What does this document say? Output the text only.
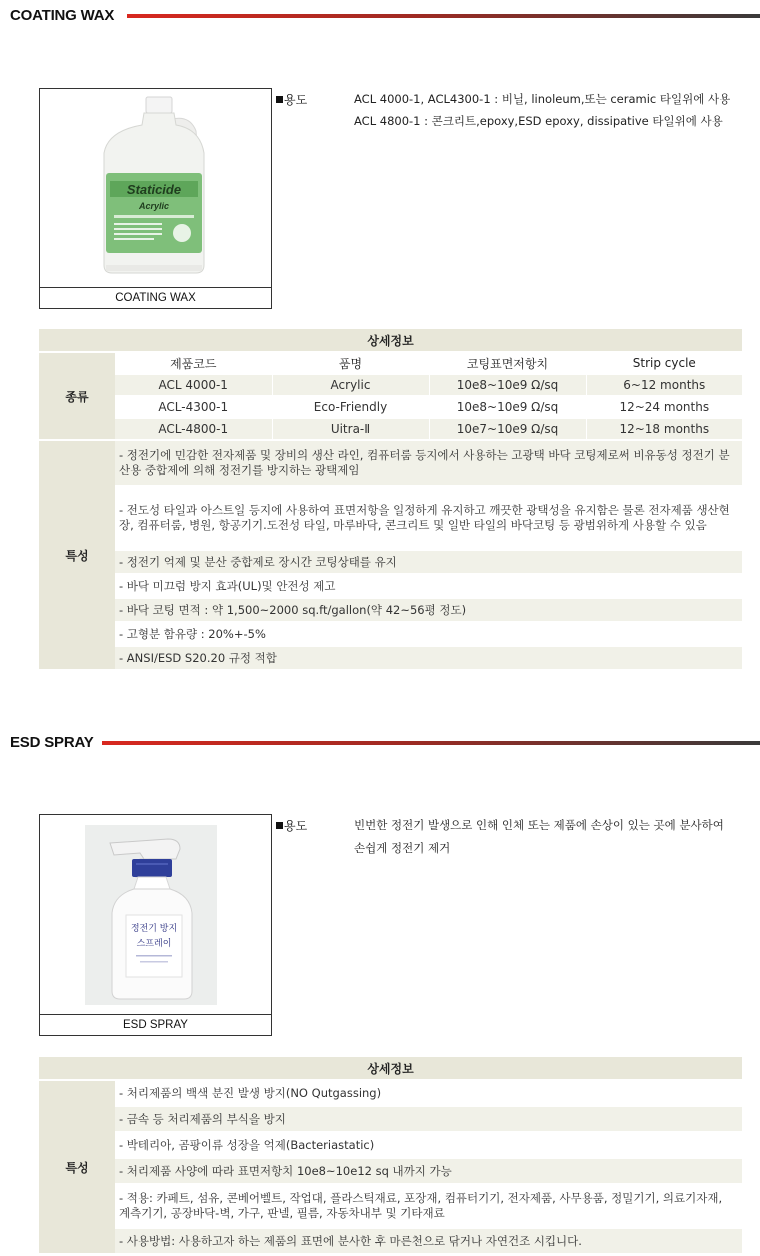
COATING WAX
Staticide
Acrylic
COATING WAX
용도	ACL 4000-1, ACL4300-1 : 비닐, linoleum,또는 ceramic 타일위에 사용
ACL 4800-1 : 콘크리트,epoxy,ESD epoxy, dissipative 타일위에 사용
상세정보				
종류	제품코드	품명	코팅표면저항치	Strip cycle
	ACL 4000-1	Acrylic	10e8~10e9 Ω/sq	6~12 months
	ACL-4300-1	Eco-Friendly	10e8~10e9 Ω/sq	12~24 months
	ACL-4800-1	Uitra-Ⅱ	10e7~10e9 Ω/sq	12~18 months
특성	- 정전기에 민감한 전자제품 및 장비의 생산 라인, 컴퓨터룸 등지에서 사용하는 고광택 바닥 코팅제로써 비유동성 정전기 분산용 중합제에 의해 정전기를 방지하는 광택제임			
	- 전도성 타일과 아스트일 등지에 사용하여 표면저항을 일정하게 유지하고 깨끗한 광택성을 유지함은 물론 전자제품 생산현장, 컴퓨터룸, 병원, 항공기기.도전성 타일, 마루바닥, 콘크리트 및 일반 타일의 바닥코팅 등 광범위하게 사용할 수 있음			
	- 정전기 억제 및 분산 중합제로 장시간 코팅상태를 유지			
	- 바닥 미끄럼 방지 효과(UL)및 안전성 제고			
	- 바닥 코팅 면적 : 약 1,500~2000 sq.ft/gallon(약 42~56평 정도)			
	- 고형분 함유량 : 20%+-5%			
	- ANSI/ESD S20.20 규정 적합			
ESD SPRAY
정전기 방지
스프레이
ESD SPRAY
용도	빈번한 정전기 발생으로 인해 인체 또는 제품에 손상이 있는 곳에 분사하여
손쉽게 정전기 제거
상세정보
특성	- 처리제품의 백색 분진 발생 방지(NO Qutgassing)
- 금속 등 처리제품의 부식을 방지
- 박테리아, 곰팡이류 성장을 억제(Bacteriastatic)
- 처리제품 사양에 따라 표면저항치 10e8~10e12 sq 내까지 가능
- 적용: 카페트, 섬유, 콘베어벨트, 작업대, 플라스틱재료, 포장재, 컴퓨터기기, 전자제품, 사무용품, 정밀기기, 의료기자재, 계측기기, 공장바닥-벽, 가구, 판넬, 필름, 자동차내부 및 기타재료
- 사용방법: 사용하고자 하는 제품의 표면에 분사한 후 마른천으로 닦거나 자연건조 시킵니다.
